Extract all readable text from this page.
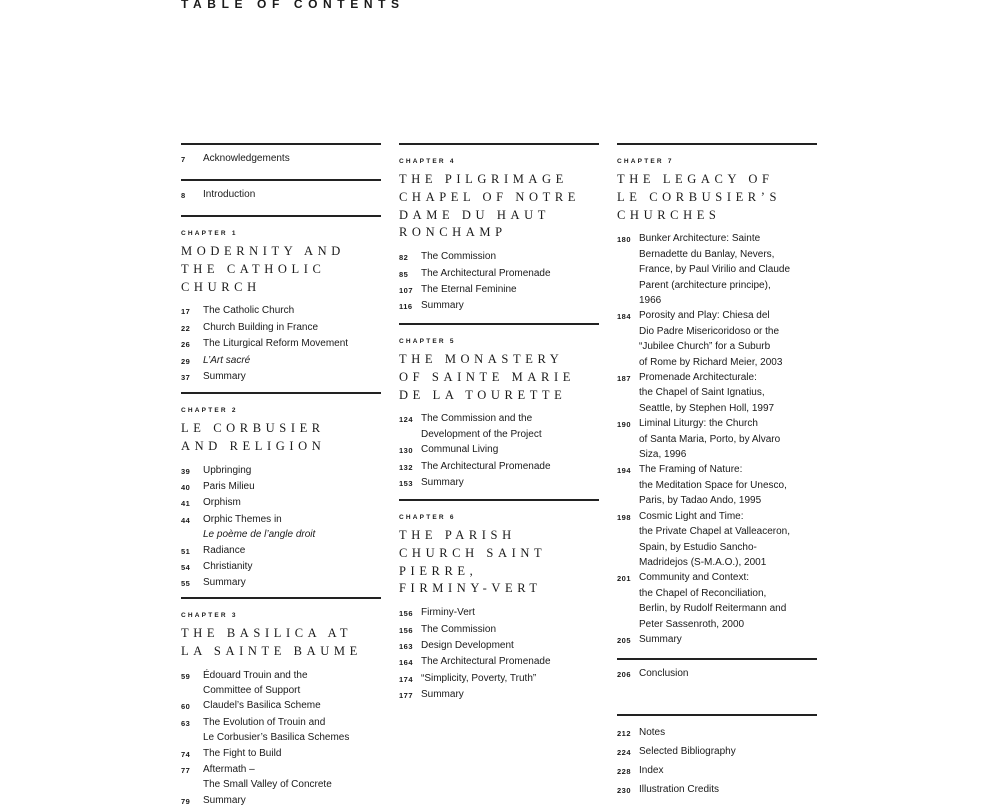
TABLE OF CONTENTS
7	Acknowledgements
8	Introduction
CHAPTER 1
MODERNITY AND
THE CATHOLIC
CHURCH
17	The Catholic Church
22	Church Building in France
26	The Liturgical Reform Movement
29	L’Art sacré
37	Summary
CHAPTER 2
LE CORBUSIER
AND RELIGION
39	Upbringing
40	Paris Milieu
41	Orphism
44	Orphic Themes in
Le poème de l’angle droit
51	Radiance
54	Christianity
55	Summary
CHAPTER 3
THE BASILICA AT
LA SAINTE BAUME
59	Édouard Trouin and the
Committee of Support
60	Claudel’s Basilica Scheme
63	The Evolution of Trouin and
Le Corbusier’s Basilica Schemes
74	The Fight to Build
77	Aftermath –
The Small Valley of Concrete
79	Summary
CHAPTER 4
THE PILGRIMAGE
CHAPEL OF NOTRE
DAME DU HAUT
RONCHAMP
82	The Commission
85	The Architectural Promenade
107 The Eternal Feminine
116 Summary
CHAPTER 5
THE MONASTERY
OF SAINTE MARIE
DE LA TOURETTE
124 The Commission and the
Development of the Project
130 Communal Living
132 The Architectural Promenade
153 Summary
CHAPTER 6
THE PARISH
CHURCH SAINT
PIERRE,
FIRMINY-VERT
156 Firminy-Vert
156 The Commission
163 Design Development
164 The Architectural Promenade
174 “Simplicity, Poverty, Truth”
177 Summary
CHAPTER 7
THE LEGACY OF
LE CORBUSIER’S
CHURCHES
180 Bunker Architecture: Sainte
Bernadette du Banlay, Nevers,
France, by Paul Virilio and Claude
Parent (architecture principe),
1966
184 Porosity and Play: Chiesa del
Dio Padre Misericoridoso or the
“Jubilee Church” for a Suburb
of Rome by Richard Meier, 2003
187 Promenade Architecturale:
the Chapel of Saint Ignatius,
Seattle, by Stephen Holl, 1997
190 Liminal Liturgy: the Church
of Santa Maria, Porto, by Alvaro
Siza, 1996
194 The Framing of Nature:
the Meditation Space for Unesco,
Paris, by Tadao Ando, 1995
198 Cosmic Light and Time:
the Private Chapel at Valleaceron,
Spain, by Estudio Sancho-
Madridejos (S-M.A.O.), 2001
201 Community and Context:
the Chapel of Reconciliation,
Berlin, by Rudolf Reitermann and
Peter Sassenroth, 2000
205 Summary
206 Conclusion
212 Notes
224 Selected Bibliography
228 Index
230 Illustration Credits
